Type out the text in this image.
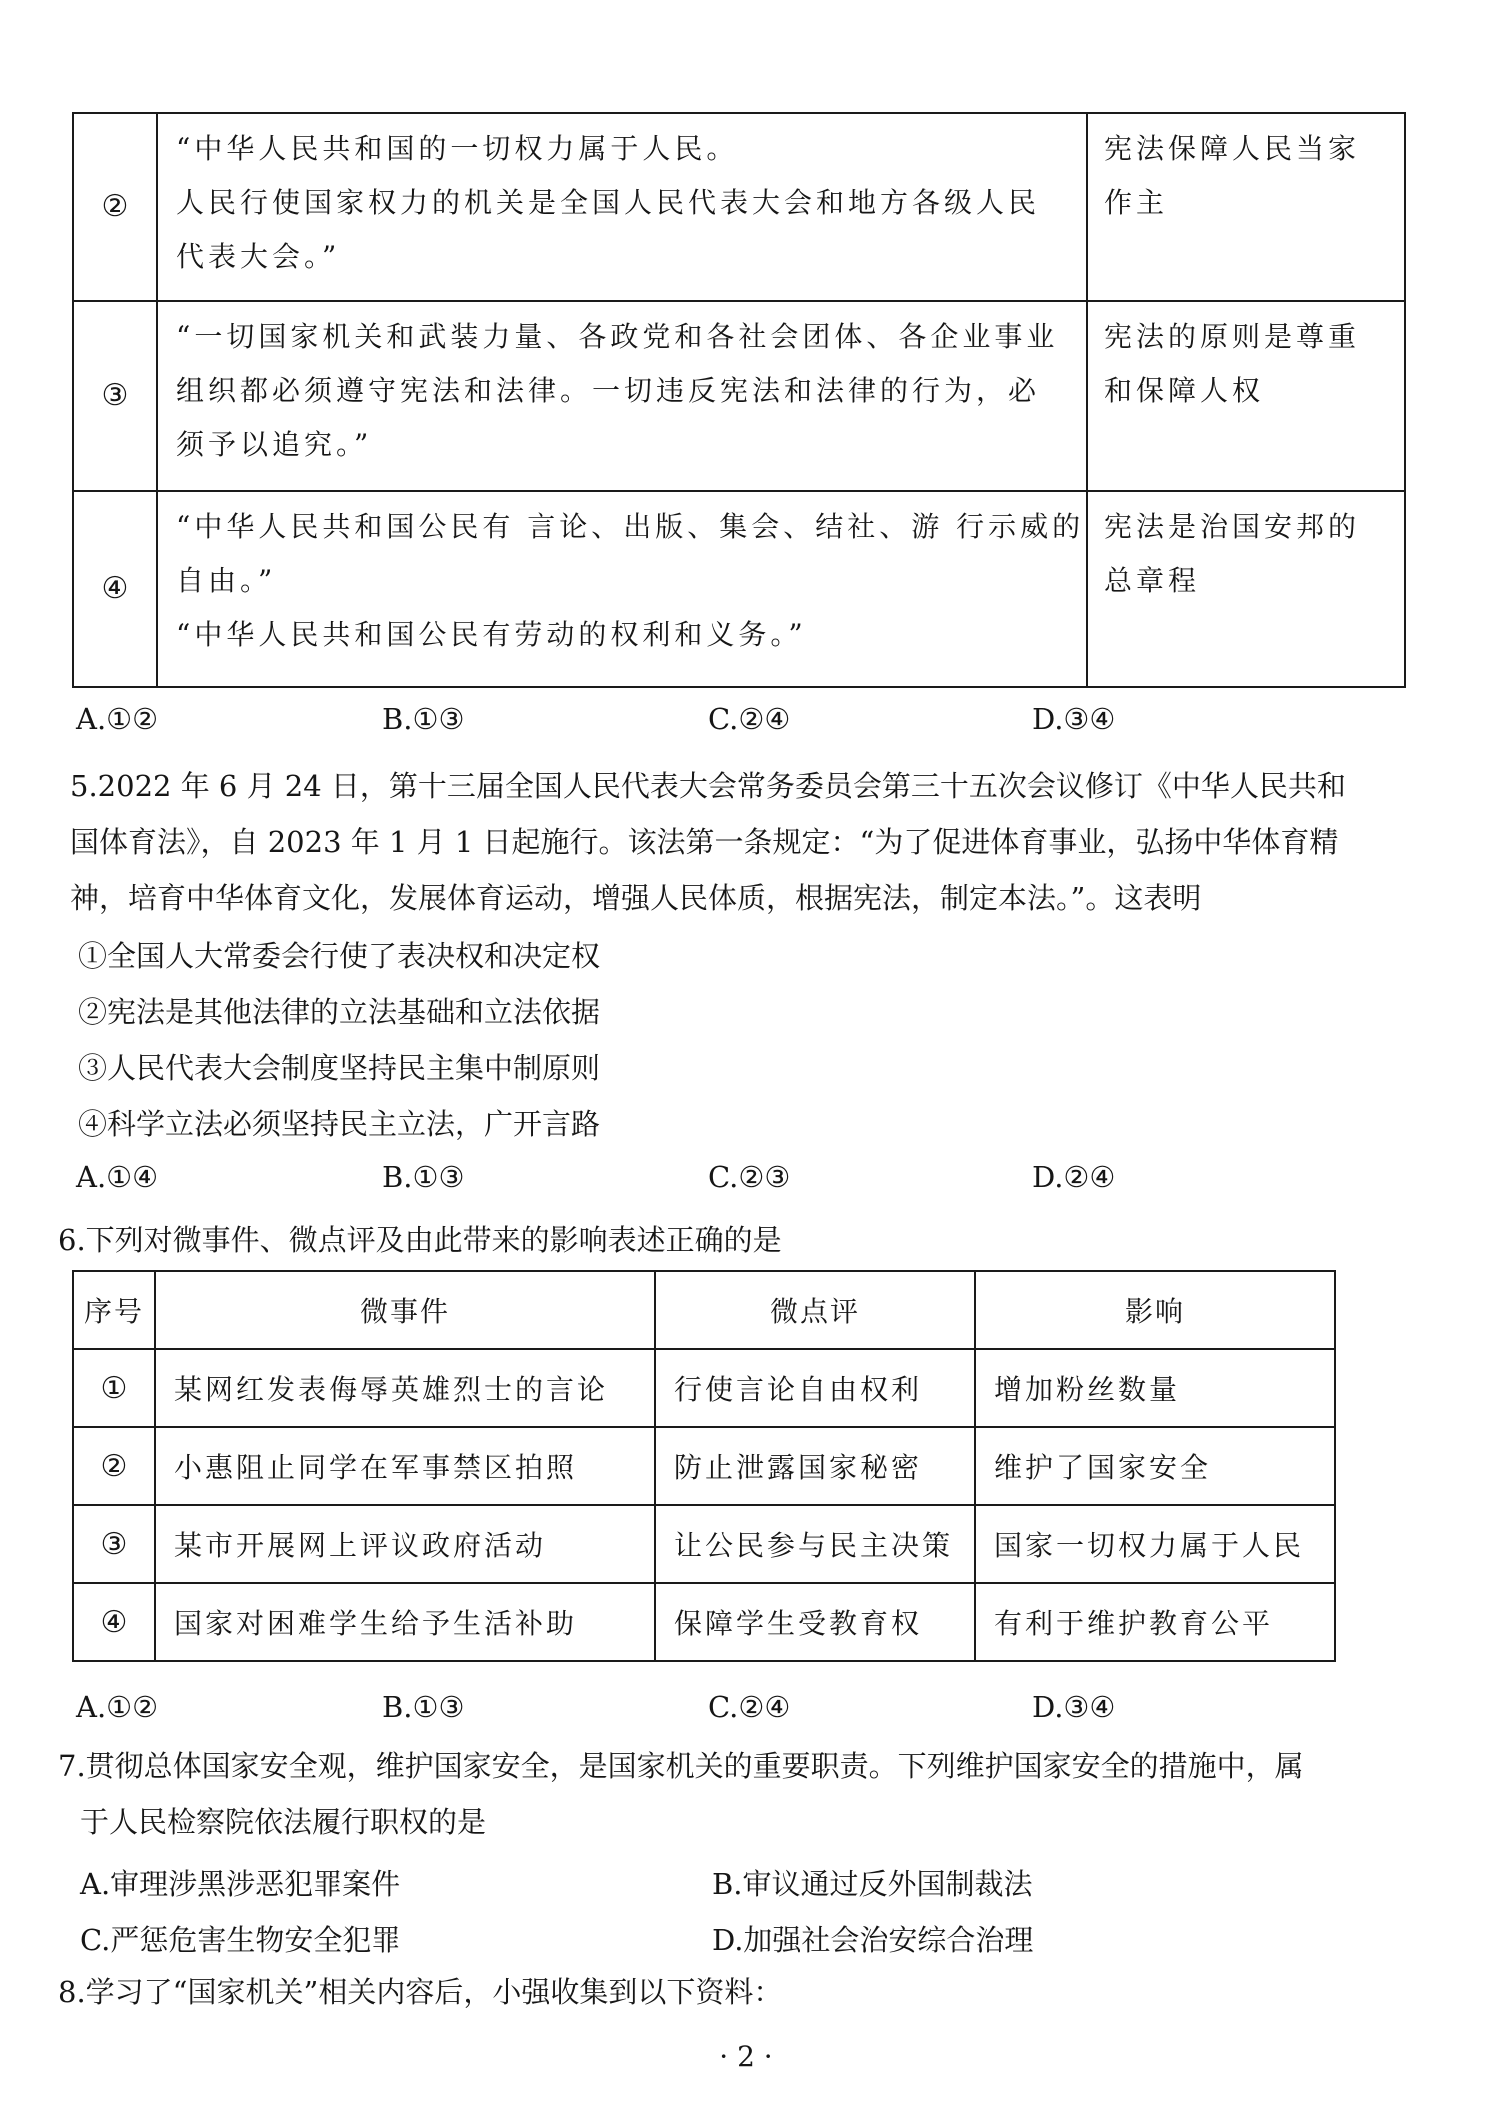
②	“中华人民共和国的一切权力属于人民。
人民行使国家权力的机关是全国人民代表大会和地方各级人民
代表大会。”	宪法保障人民当家
作主

③	“一切国家机关和武装力量、各政党和各社会团体、各企业事业
组织都必须遵守宪法和法律。一切违反宪法和法律的行为，必
须予以追究。”	宪法的原则是尊重
和保障人权

④	“中华人民共和国公民有 言论、出版、集会、结社、游 行示威的
自由。”
“中华人民共和国公民有劳动的权利和义务。”	宪法是治国安邦的
总章程
A.①②	B.①③	C.②④	D.③④
5.2022 年 6 月 24 日，第十三届全国人民代表大会常务委员会第三十五次会议修订《中华人民共和
国体育法》，自 2023 年 1 月 1 日起施行。该法第一条规定：“为了促进体育事业，弘扬中华体育精
神，培育中华体育文化，发展体育运动，增强人民体质，根据宪法，制定本法。”。这表明
①全国人大常委会行使了表决权和决定权
②宪法是其他法律的立法基础和立法依据
③人民代表大会制度坚持民主集中制原则
④科学立法必须坚持民主立法，广开言路
A.①④	B.①③	C.②③	D.②④
6.下列对微事件、微点评及由此带来的影响表述正确的是
序号	微事件	微点评	影响
①	某网红发表侮辱英雄烈士的言论	行使言论自由权利	增加粉丝数量
②	小惠阻止同学在军事禁区拍照	防止泄露国家秘密	维护了国家安全
③	某市开展网上评议政府活动	让公民参与民主决策	国家一切权力属于人民
④	国家对困难学生给予生活补助	保障学生受教育权	有利于维护教育公平
A.①②	B.①③	C.②④	D.③④
7.贯彻总体国家安全观，维护国家安全，是国家机关的重要职责。下列维护国家安全的措施中，属
于人民检察院依法履行职权的是
A.审理涉黑涉恶犯罪案件	B.审议通过反外国制裁法
C.严惩危害生物安全犯罪	D.加强社会治安综合治理
8.学习了“国家机关”相关内容后，小强收集到以下资料：
· 2 ·
